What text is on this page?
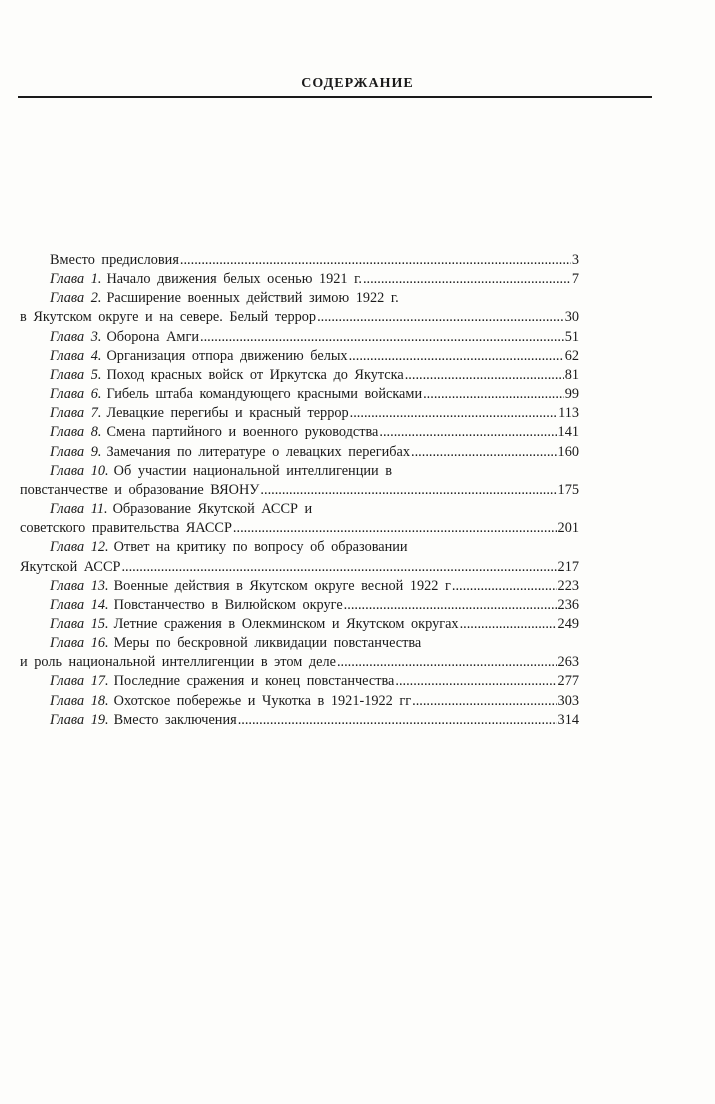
СОДЕРЖАНИЕ
Вместо предисловия .....	3
Глава 1. Начало движения белых осенью 1921 г. .....	7
Глава 2. Расширение военных действий зимою 1922 г.
в Якутском округе и на севере. Белый террор .....	30
Глава 3. Оборона Амги .....	51
Глава 4. Организация отпора движению белых .....	62
Глава 5. Поход красных войск от Иркутска до Якутска .....	81
Глава 6. Гибель штаба командующего красными войсками .....	99
Глава 7. Левацкие перегибы и красный террор .....	113
Глава 8. Смена партийного и военного руководства .....	141
Глава 9. Замечания по литературе о левацких перегибах .....	160
Глава 10. Об участии национальной интеллигенции в
повстанчестве и образование ВЯОНУ .....	175
Глава 11. Образование Якутской АССР и
советского правительства ЯАССР .....	201
Глава 12. Ответ на критику по вопросу об образовании
Якутской АССР .....	217
Глава 13. Военные действия в Якутском округе весной 1922 г .....	223
Глава 14. Повстанчество в Вилюйском округе .....	236
Глава 15. Летние сражения в Олекминском и Якутском округах .....	249
Глава 16. Меры по бескровной ликвидации повстанчества
и роль национальной интеллигенции в этом деле .....	263
Глава 17. Последние сражения и конец повстанчества .....	277
Глава 18. Охотское побережье и Чукотка в 1921-1922 гг .....	303
Глава 19. Вместо заключения .....	314
